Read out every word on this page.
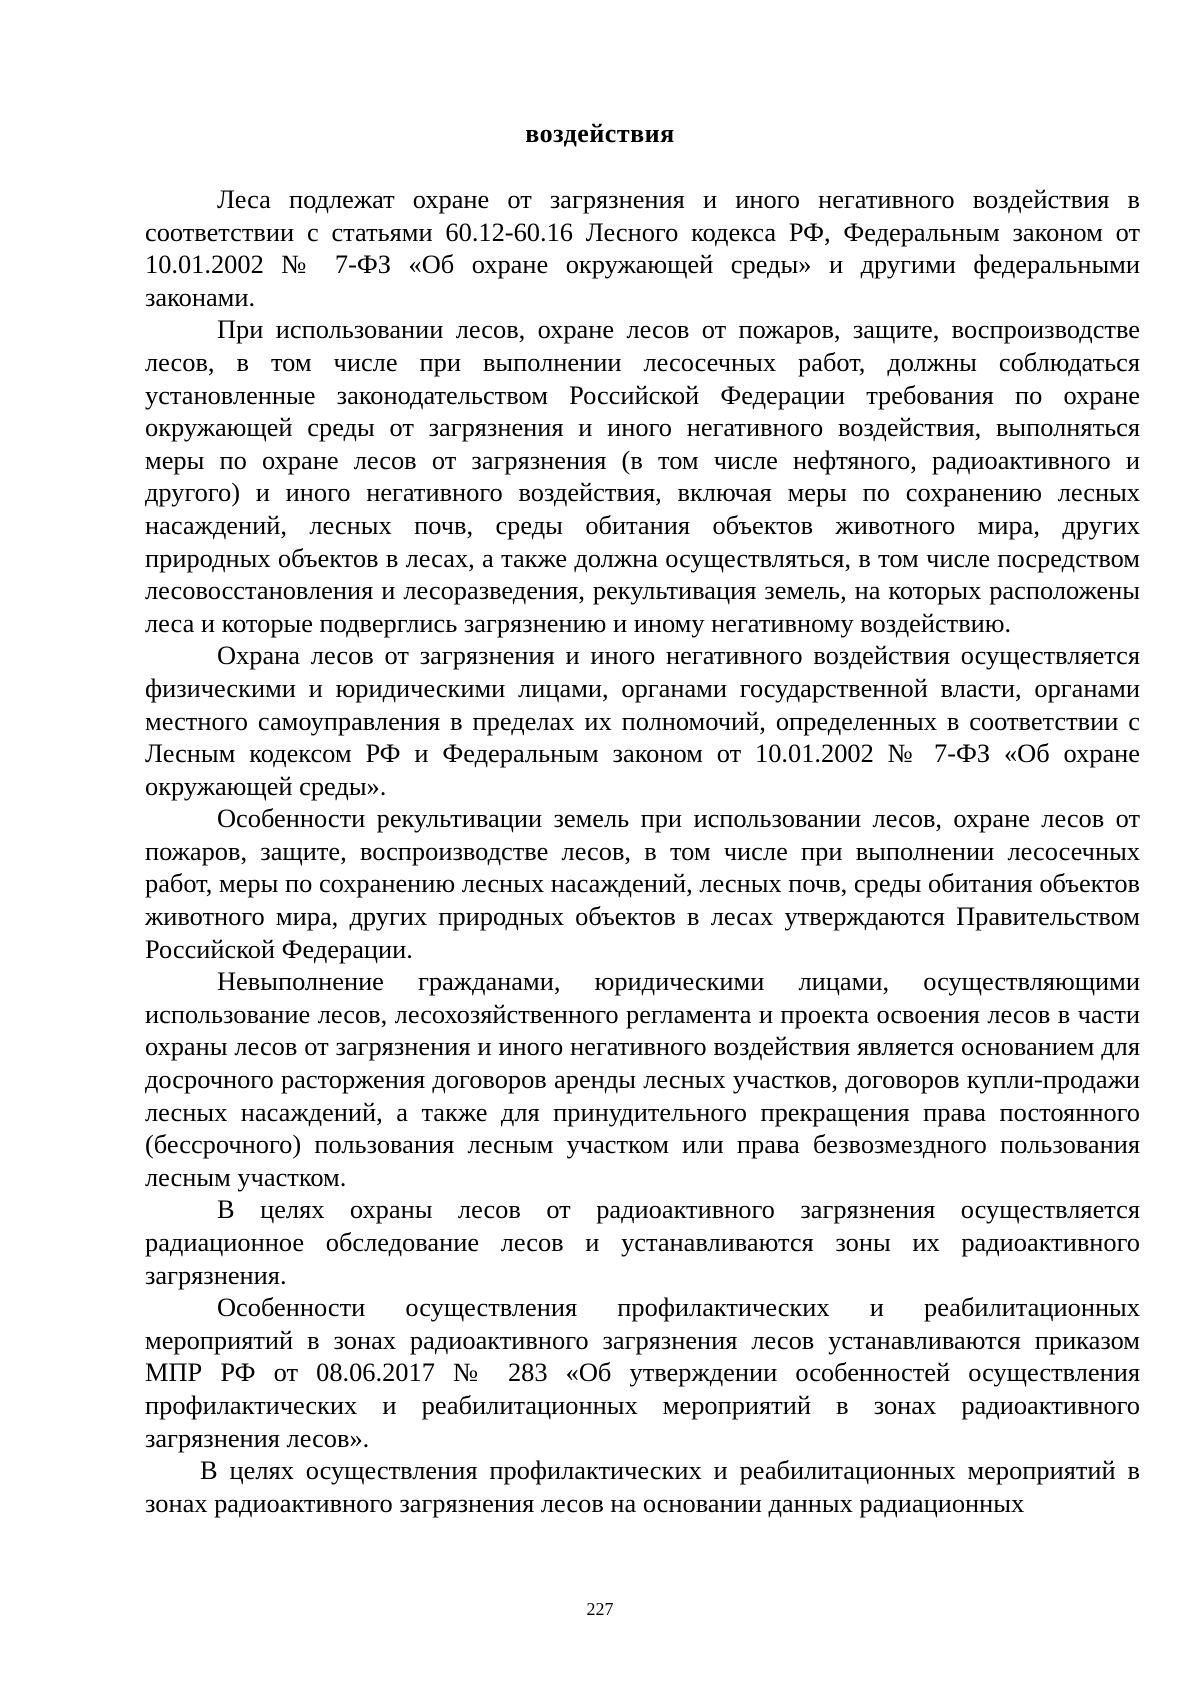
воздействия

Леса подлежат охране от загрязнения и иного негативного воздействия в соответствии с статьями 60.12-60.16 Лесного кодекса РФ, Федеральным законом от 10.01.2002 № 7-ФЗ «Об охране окружающей среды» и другими федеральными законами.

При использовании лесов, охране лесов от пожаров, защите, воспроизводстве лесов, в том числе при выполнении лесосечных работ, должны соблюдаться установленные законодательством Российской Федерации требования по охране окружающей среды от загрязнения и иного негативного воздействия, выполняться меры по охране лесов от загрязнения (в том числе нефтяного, радиоактивного и другого) и иного негативного воздействия, включая меры по сохранению лесных насаждений, лесных почв, среды обитания объектов животного мира, других природных объектов в лесах, а также должна осуществляться, в том числе посредством лесовосстановления и лесоразведения, рекультивация земель, на которых расположены леса и которые подверглись загрязнению и иному негативному воздействию.

Охрана лесов от загрязнения и иного негативного воздействия осуществляется физическими и юридическими лицами, органами государственной власти, органами местного самоуправления в пределах их полномочий, определенных в соответствии с Лесным кодексом РФ и Федеральным законом от 10.01.2002 № 7-ФЗ «Об охране окружающей среды».

Особенности рекультивации земель при использовании лесов, охране лесов от пожаров, защите, воспроизводстве лесов, в том числе при выполнении лесосечных работ, меры по сохранению лесных насаждений, лесных почв, среды обитания объектов животного мира, других природных объектов в лесах утверждаются Правительством Российской Федерации.

Невыполнение гражданами, юридическими лицами, осуществляющими использование лесов, лесохозяйственного регламента и проекта освоения лесов в части охраны лесов от загрязнения и иного негативного воздействия является основанием для досрочного расторжения договоров аренды лесных участков, договоров купли-продажи лесных насаждений, а также для принудительного прекращения права постоянного (бессрочного) пользования лесным участком или права безвозмездного пользования лесным участком.

В целях охраны лесов от радиоактивного загрязнения осуществляется радиационное обследование лесов и устанавливаются зоны их радиоактивного загрязнения.

Особенности осуществления профилактических и реабилитационных мероприятий в зонах радиоактивного загрязнения лесов устанавливаются приказом МПР РФ от 08.06.2017 № 283 «Об утверждении особенностей осуществления профилактических и реабилитационных мероприятий в зонах радиоактивного загрязнения лесов».

В целях осуществления профилактических и реабилитационных мероприятий в зонах радиоактивного загрязнения лесов на основании данных радиационных

227
